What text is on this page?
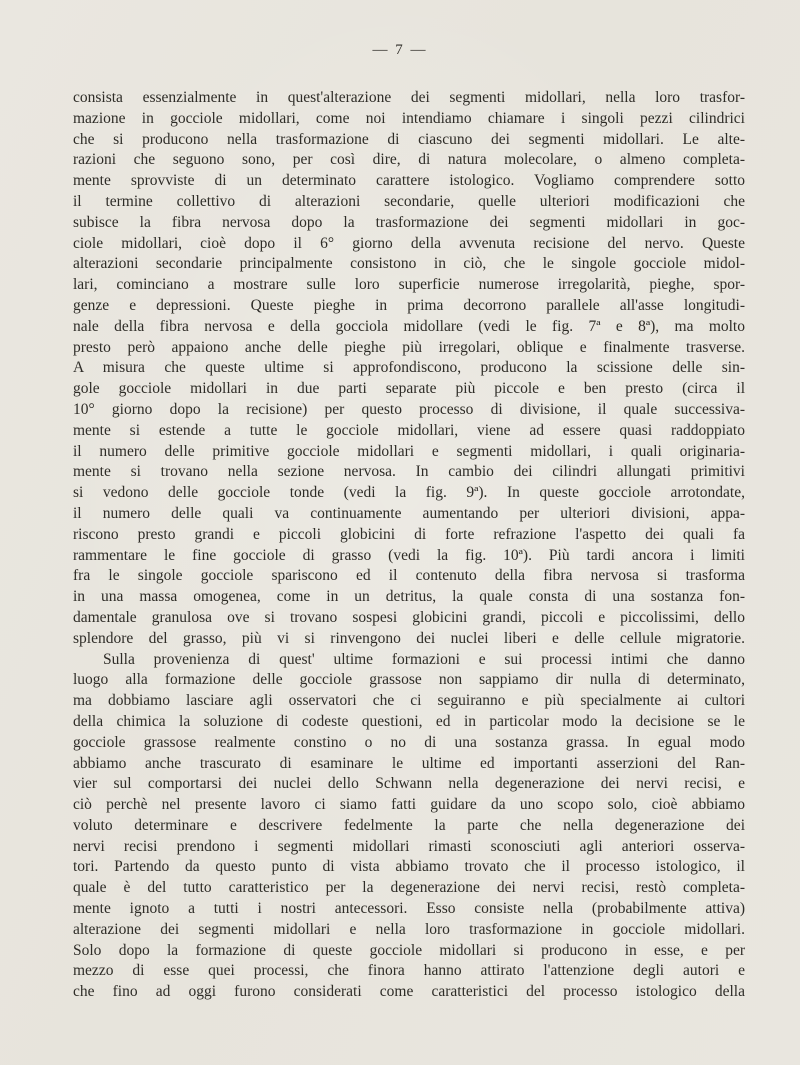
— 7 —
consista essenzialmente in quest'alterazione dei segmenti midollari, nella loro trasfor-
mazione in gocciole midollari, come noi intendiamo chiamare i singoli pezzi cilindrici
che si producono nella trasformazione di ciascuno dei segmenti midollari. Le alte-
razioni che seguono sono, per così dire, di natura molecolare, o almeno completa-
mente sprovviste di un determinato carattere istologico. Vogliamo comprendere sotto
il termine collettivo di alterazioni secondarie, quelle ulteriori modificazioni che
subisce la fibra nervosa dopo la trasformazione dei segmenti midollari in goc-
ciole midollari, cioè dopo il 6° giorno della avvenuta recisione del nervo. Queste
alterazioni secondarie principalmente consistono in ciò, che le singole gocciole midol-
lari, cominciano a mostrare sulle loro superficie numerose irregolarità, pieghe, spor-
genze e depressioni. Queste pieghe in prima decorrono parallele all'asse longitudi-
nale della fibra nervosa e della gocciola midollare (vedi le fig. 7ª e 8ª), ma molto
presto però appaiono anche delle pieghe più irregolari, oblique e finalmente trasverse.
A misura che queste ultime si approfondiscono, producono la scissione delle sin-
gole gocciole midollari in due parti separate più piccole e ben presto (circa il
10° giorno dopo la recisione) per questo processo di divisione, il quale successiva-
mente si estende a tutte le gocciole midollari, viene ad essere quasi raddoppiato
il numero delle primitive gocciole midollari e segmenti midollari, i quali originaria-
mente si trovano nella sezione nervosa. In cambio dei cilindri allungati primitivi
si vedono delle gocciole tonde (vedi la fig. 9ª). In queste gocciole arrotondate,
il numero delle quali va continuamente aumentando per ulteriori divisioni, appa-
riscono presto grandi e piccoli globicini di forte refrazione l'aspetto dei quali fa
rammentare le fine gocciole di grasso (vedi la fig. 10ª). Più tardi ancora i limiti
fra le singole gocciole spariscono ed il contenuto della fibra nervosa si trasforma
in una massa omogenea, come in un detritus, la quale consta di una sostanza fon-
damentale granulosa ove si trovano sospesi globicini grandi, piccoli e piccolissimi, dello
splendore del grasso, più vi si rinvengono dei nuclei liberi e delle cellule migratorie.
Sulla provenienza di quest' ultime formazioni e sui processi intimi che danno
luogo alla formazione delle gocciole grassose non sappiamo dir nulla di determinato,
ma dobbiamo lasciare agli osservatori che ci seguiranno e più specialmente ai cultori
della chimica la soluzione di codeste questioni, ed in particolar modo la decisione se le
gocciole grassose realmente constino o no di una sostanza grassa. In egual modo
abbiamo anche trascurato di esaminare le ultime ed importanti asserzioni del Ran-
vier sul comportarsi dei nuclei dello Schwann nella degenerazione dei nervi recisi, e
ciò perchè nel presente lavoro ci siamo fatti guidare da uno scopo solo, cioè abbiamo
voluto determinare e descrivere fedelmente la parte che nella degenerazione dei
nervi recisi prendono i segmenti midollari rimasti sconosciuti agli anteriori osserva-
tori. Partendo da questo punto di vista abbiamo trovato che il processo istologico, il
quale è del tutto caratteristico per la degenerazione dei nervi recisi, restò completa-
mente ignoto a tutti i nostri antecessori. Esso consiste nella (probabilmente attiva)
alterazione dei segmenti midollari e nella loro trasformazione in gocciole midollari.
Solo dopo la formazione di queste gocciole midollari si producono in esse, e per
mezzo di esse quei processi, che finora hanno attirato l'attenzione degli autori e
che fino ad oggi furono considerati come caratteristici del processo istologico della
